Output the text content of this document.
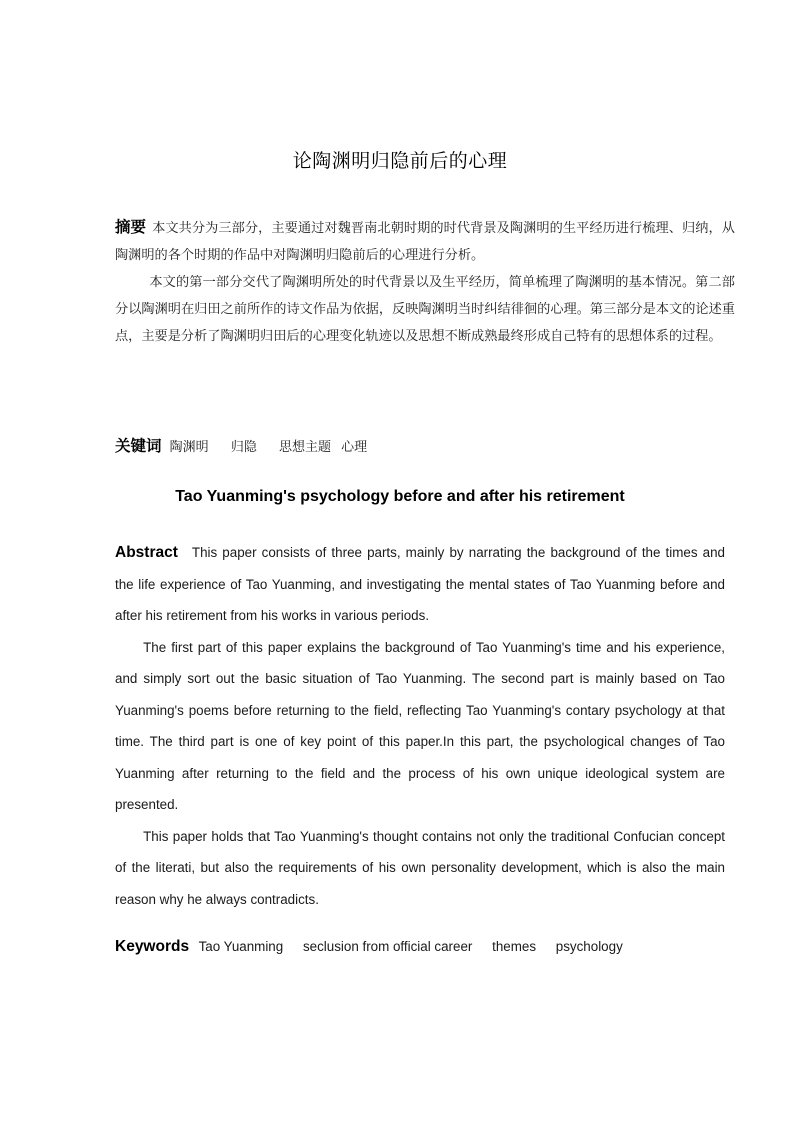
论陶渊明归隐前后的心理

摘要 本文共分为三部分，主要通过对魏晋南北朝时期的时代背景及陶渊明的生平经历进行梳理、归纳，从陶渊明的各个时期的作品中对陶渊明归隐前后的心理进行分析。

本文的第一部分交代了陶渊明所处的时代背景以及生平经历，简单梳理了陶渊明的基本情况。第二部分以陶渊明在归田之前所作的诗文作品为依据，反映陶渊明当时纠结徘徊的心理。第三部分是本文的论述重点，主要是分析了陶渊明归田后的心理变化轨迹以及思想不断成熟最终形成自己特有的思想体系的过程。

关键词 陶渊明 归隐 思想主题 心理
Tao Yuanming's psychology before and after his retirement

Abstract This paper consists of three parts, mainly by narrating the background of the times and the life experience of Tao Yuanming, and investigating the mental states of Tao Yuanming before and after his retirement from his works in various periods.

The first part of this paper explains the background of Tao Yuanming's time and his experience, and simply sort out the basic situation of Tao Yuanming. The second part is mainly based on Tao Yuanming's poems before returning to the field, reflecting Tao Yuanming's contary psychology at that time. The third part is one of key point of this paper.In this part, the psychological changes of Tao Yuanming after returning to the field and the process of his own unique ideological system are presented.

This paper holds that Tao Yuanming's thought contains not only the traditional Confucian concept of the literati, but also the requirements of his own personality development, which is also the main reason why he always contradicts.

Keywords Tao Yuanming seclusion from official career themes psychology
